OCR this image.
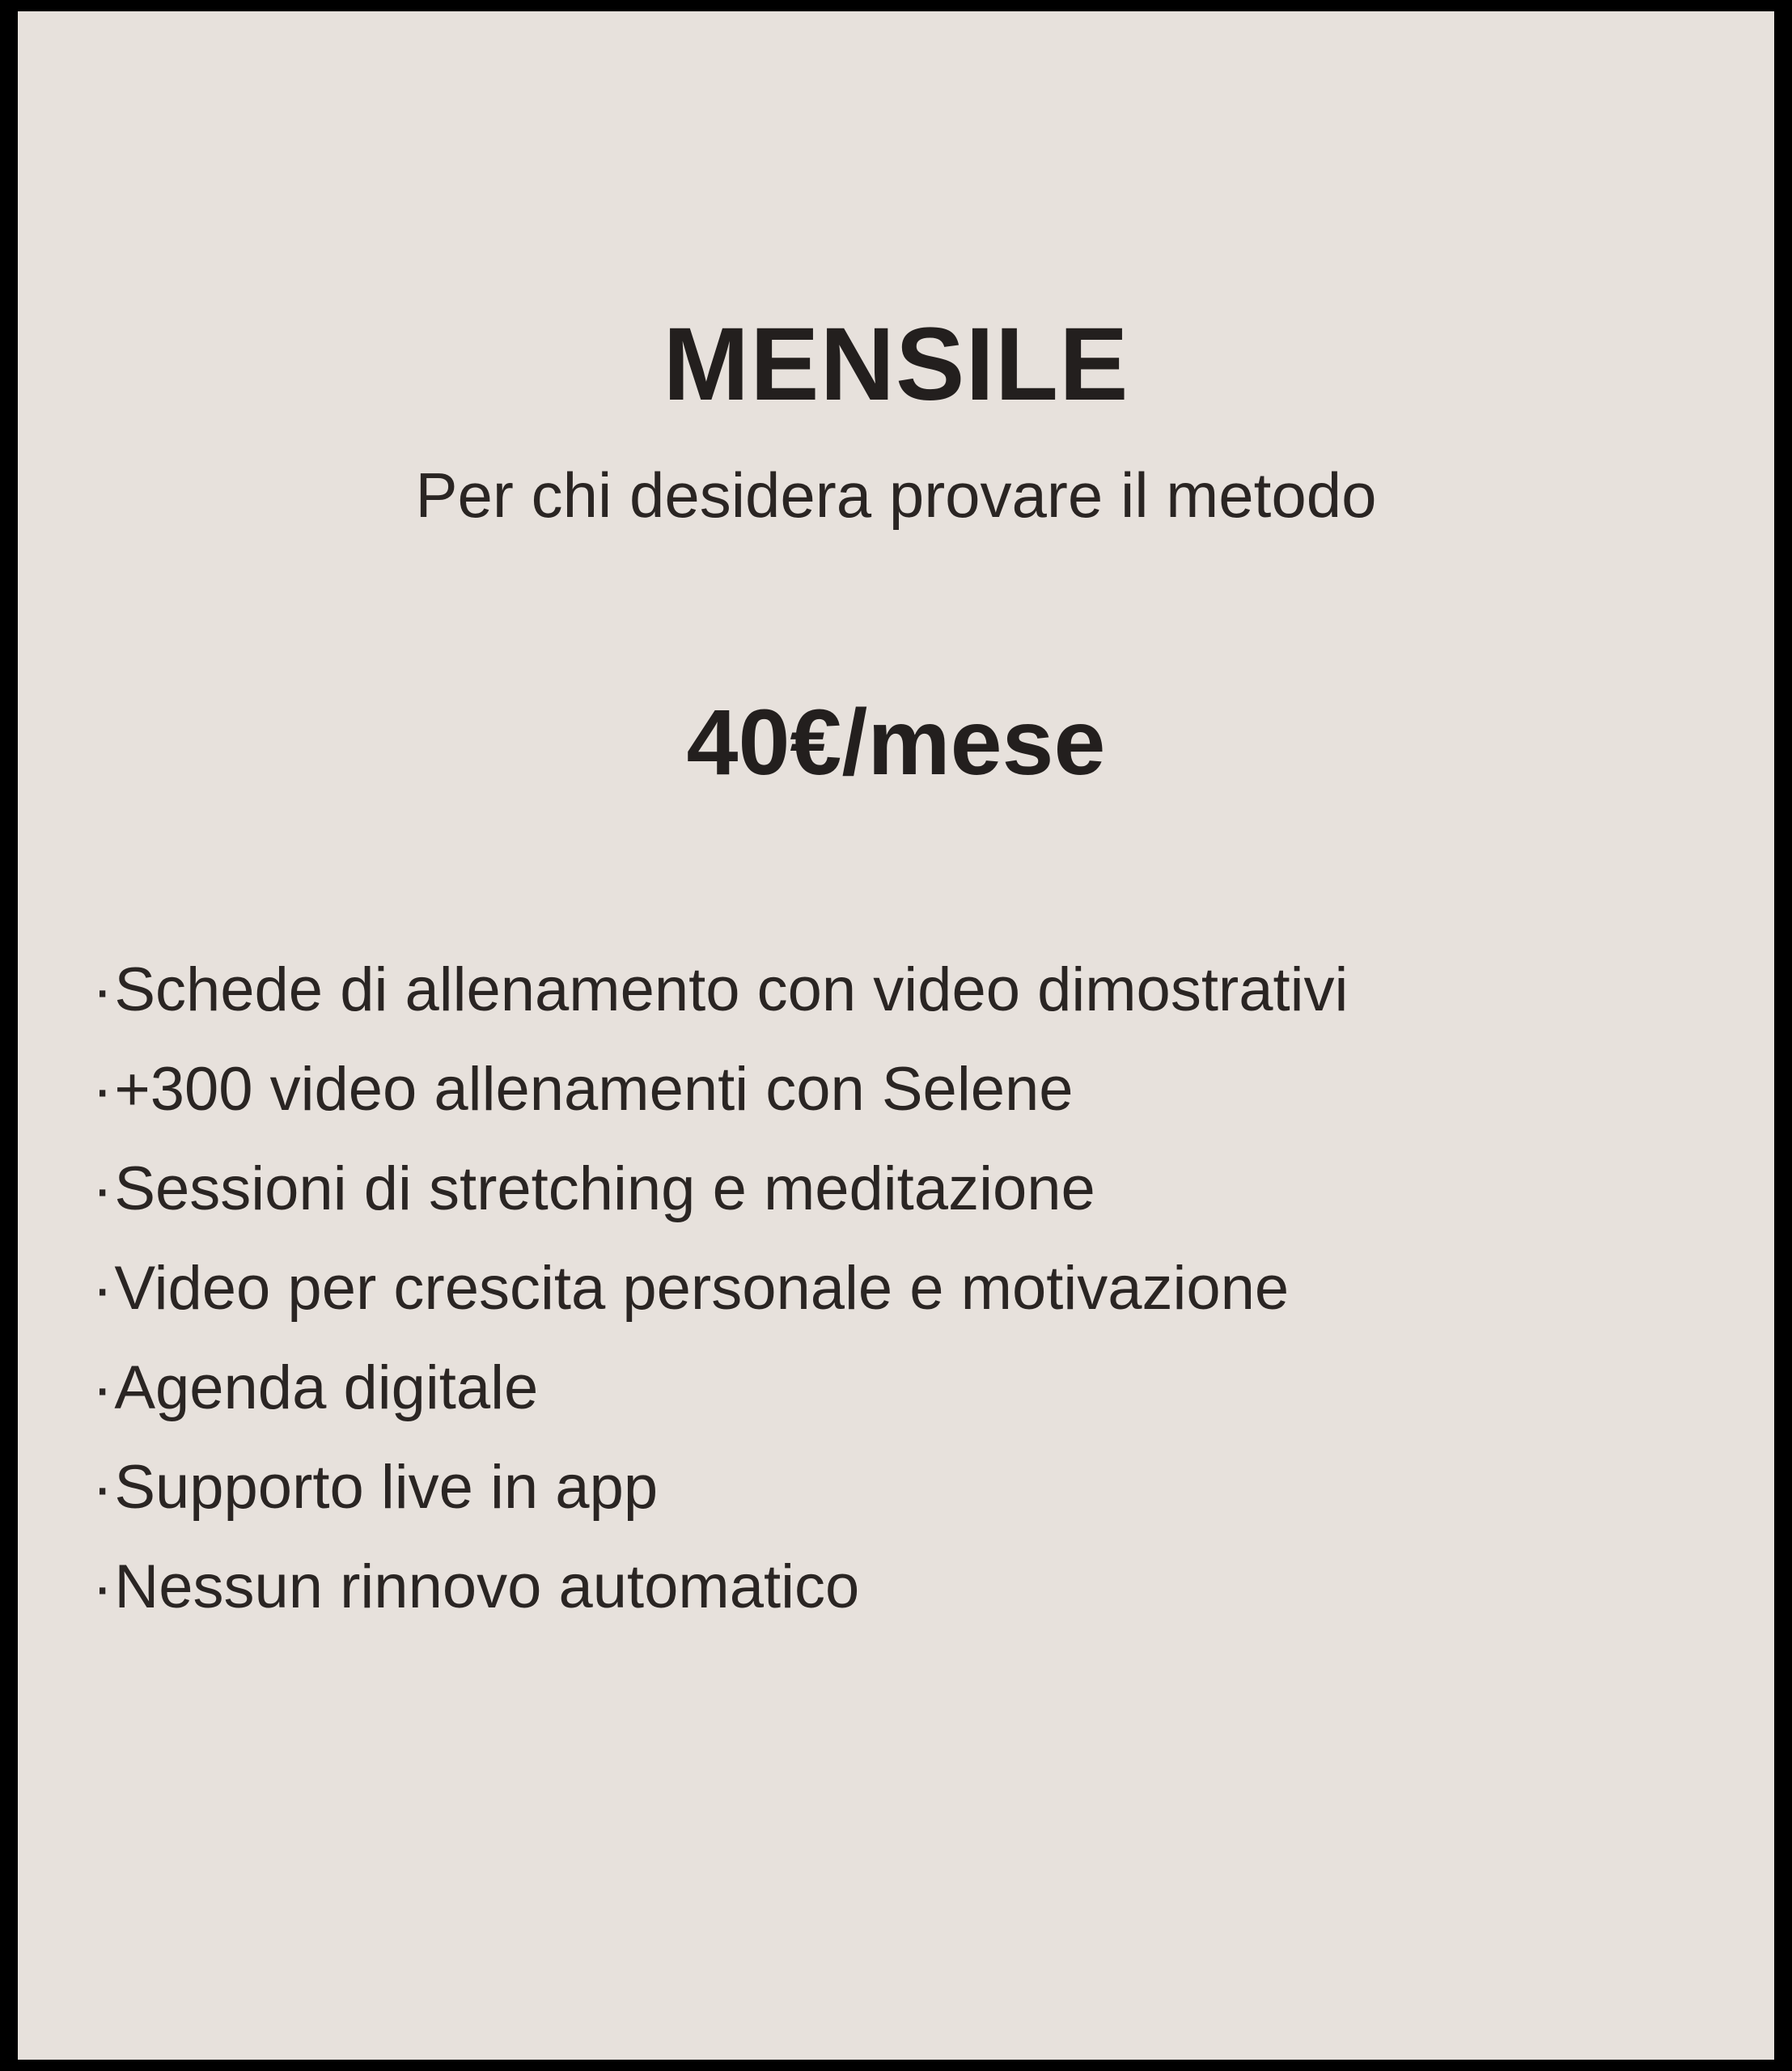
MENSILE
Per chi desidera provare il metodo
40€/mese
· Schede di allenamento con video dimostrativi
· +300 video allenamenti con Selene
· Sessioni di stretching e meditazione
· Video per crescita personale e motivazione
· Agenda digitale
· Supporto live in app
· Nessun rinnovo automatico
